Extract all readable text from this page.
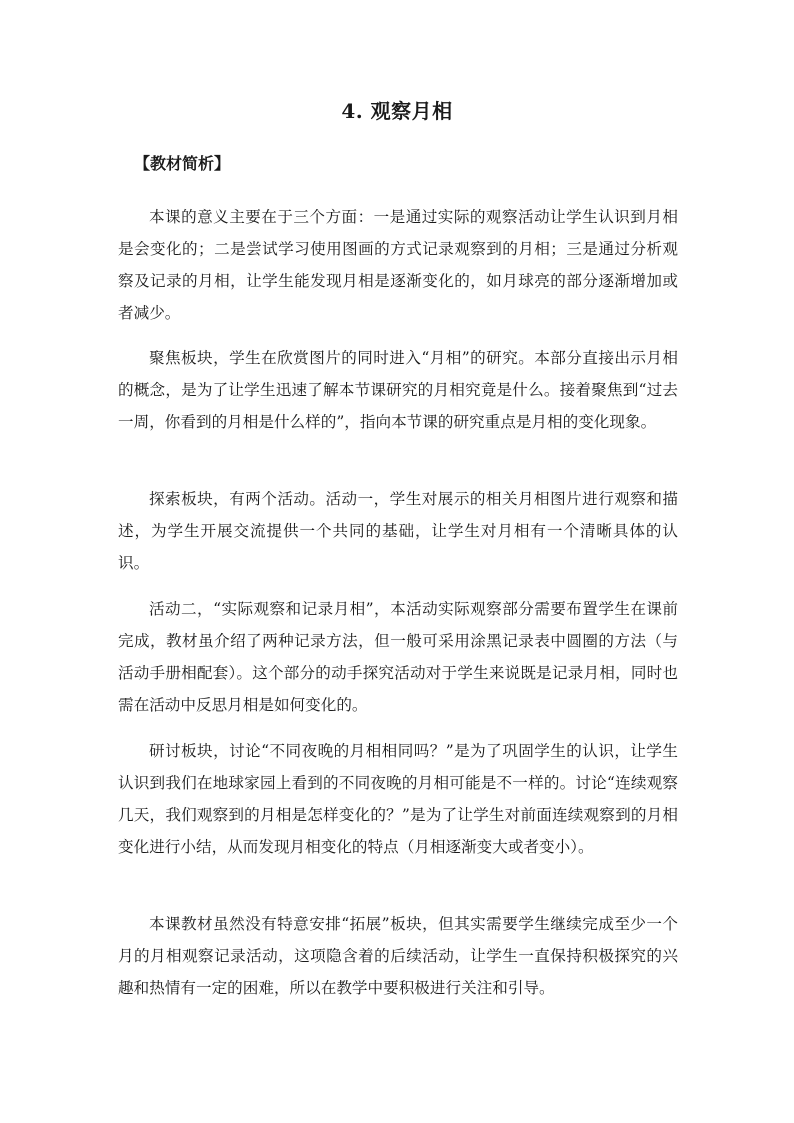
4. 观察月相
【教材简析】

本课的意义主要在于三个方面：一是通过实际的观察活动让学生认识到月相是会变化的；二是尝试学习使用图画的方式记录观察到的月相；三是通过分析观察及记录的月相，让学生能发现月相是逐渐变化的，如月球亮的部分逐渐增加或者减少。

聚焦板块，学生在欣赏图片的同时进入“月相”的研究。本部分直接出示月相的概念，是为了让学生迅速了解本节课研究的月相究竟是什么。接着聚焦到“过去一周，你看到的月相是什么样的”，指向本节课的研究重点是月相的变化现象。

探索板块，有两个活动。活动一，学生对展示的相关月相图片进行观察和描述，为学生开展交流提供一个共同的基础，让学生对月相有一个清晰具体的认识。

活动二，“实际观察和记录月相”，本活动实际观察部分需要布置学生在课前完成，教材虽介绍了两种记录方法，但一般可采用涂黑记录表中圆圈的方法（与活动手册相配套）。这个部分的动手探究活动对于学生来说既是记录月相，同时也需在活动中反思月相是如何变化的。

研讨板块，讨论“不同夜晚的月相相同吗？”是为了巩固学生的认识，让学生认识到我们在地球家园上看到的不同夜晚的月相可能是不一样的。讨论“连续观察几天，我们观察到的月相是怎样变化的？”是为了让学生对前面连续观察到的月相变化进行小结，从而发现月相变化的特点（月相逐渐变大或者变小）。

本课教材虽然没有特意安排“拓展”板块，但其实需要学生继续完成至少一个月的月相观察记录活动，这项隐含着的后续活动，让学生一直保持积极探究的兴趣和热情有一定的困难，所以在教学中要积极进行关注和引导。
